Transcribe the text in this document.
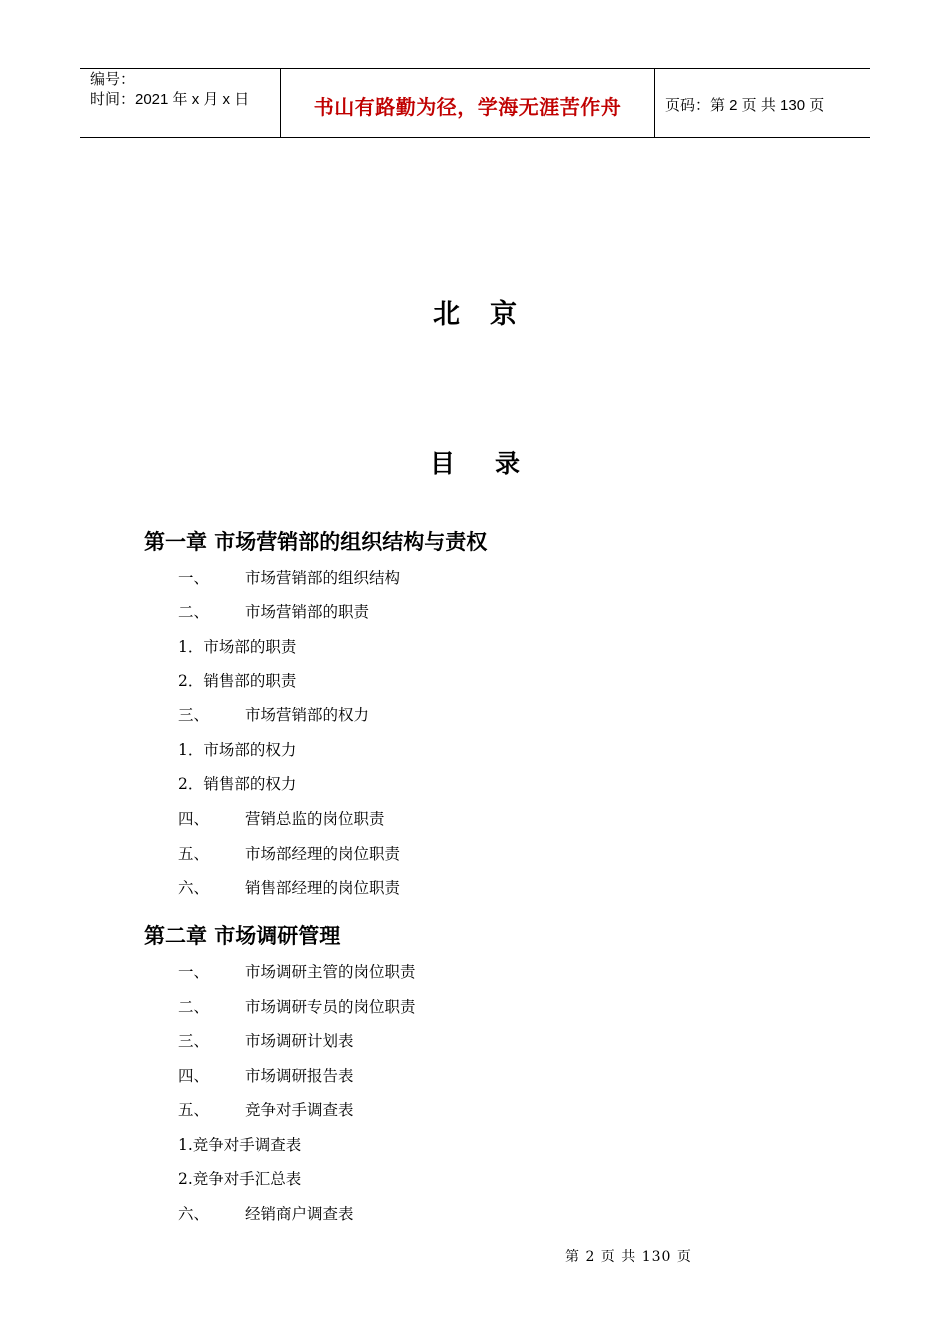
编号：
时间：2021 年 x 月 x 日	书山有路勤为径，学海无涯苦作舟	页码：第 2 页 共 130 页
北京
目录
第一章 市场营销部的组织结构与责权
一、 市场营销部的组织结构
二、 市场营销部的职责
1．市场部的职责
2．销售部的职责
三、 市场营销部的权力
1．市场部的权力
2．销售部的权力
四、 营销总监的岗位职责
五、 市场部经理的岗位职责
六、 销售部经理的岗位职责
第二章 市场调研管理
一、 市场调研主管的岗位职责
二、 市场调研专员的岗位职责
三、 市场调研计划表
四、 市场调研报告表
五、 竞争对手调查表
1.竞争对手调查表
2.竞争对手汇总表
六、 经销商户调查表
第 2 页 共 130 页
